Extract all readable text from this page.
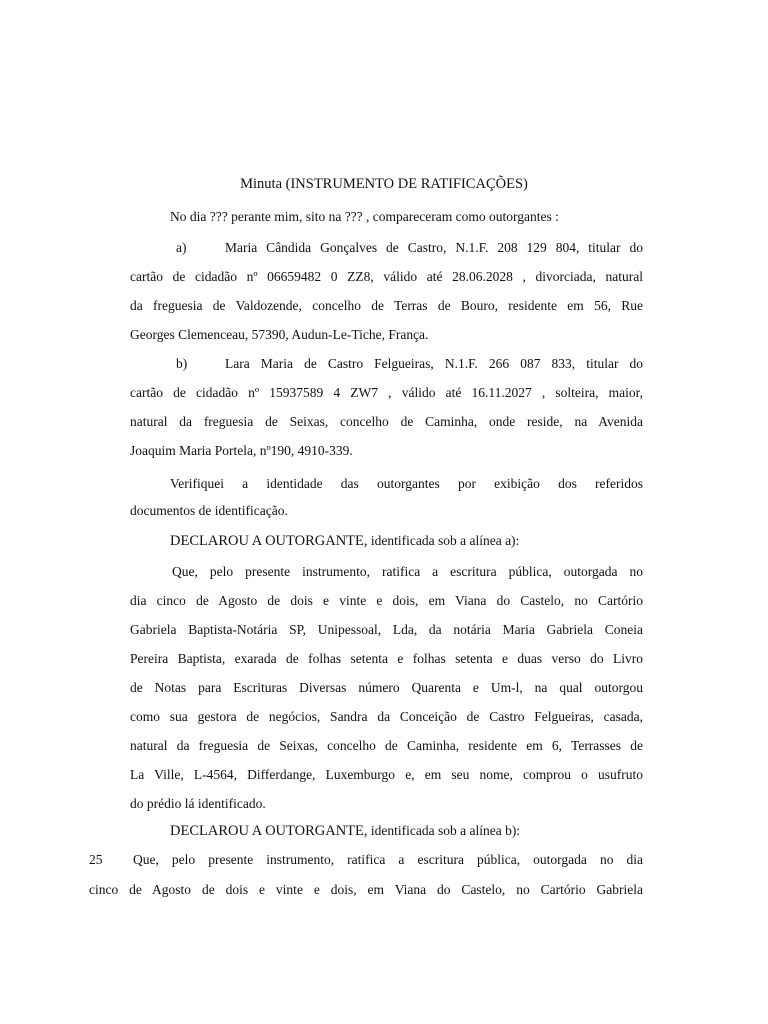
Minuta (INSTRUMENTO DE RATIFICAÇÕES)
No dia ??? perante mim, sito na ??? , compareceram como outorgantes :
a)	Maria Cândida Gonçalves de Castro, N.1.F. 208 129 804, titular do
cartão de cidadão nº 06659482 0 ZZ8, válido até 28.06.2028 , divorciada, natural
da freguesia de Valdozende, concelho de Terras de Bouro, residente em 56, Rue
Georges Clemenceau, 57390, Audun-Le-Tiche, França.
b)	Lara Maria de Castro Felgueiras, N.1.F. 266 087 833, titular do
cartão de cidadão nº 15937589 4 ZW7 , válido até 16.11.2027 , solteira, maior,
natural da freguesia de Seixas, concelho de Caminha, onde reside, na Avenida
Joaquim Maria Portela, nº190, 4910-339.
Verifiquei a identidade das outorgantes por exibição dos referidos
documentos de identificação.
DECLAROU A OUTORGANTE, identificada sob a alínea a):
Que, pelo presente instrumento, ratifica a escritura pública, outorgada no
dia cinco de Agosto de dois e vinte e dois, em Viana do Castelo, no Cartório
Gabriela Baptista-Notária SP, Unipessoal, Lda, da notária Maria Gabriela Coneia
Pereira Baptista, exarada de folhas setenta e folhas setenta e duas verso do Livro
de Notas para Escrituras Diversas número Quarenta e Um-l, na qual outorgou
como sua gestora de negócios, Sandra da Conceição de Castro Felgueiras, casada,
natural da freguesia de Seixas, concelho de Caminha, residente em 6, Terrasses de
La Ville, L-4564, Differdange, Luxemburgo e, em seu nome, comprou o usufruto
do prédio lá identificado.
DECLAROU A OUTORGANTE, identificada sob a alínea b):
25 Que, pelo presente instrumento, ratifica a escritura pública, outorgada no dia
cinco de Agosto de dois e vinte e dois, em Viana do Castelo, no Cartório Gabriela
